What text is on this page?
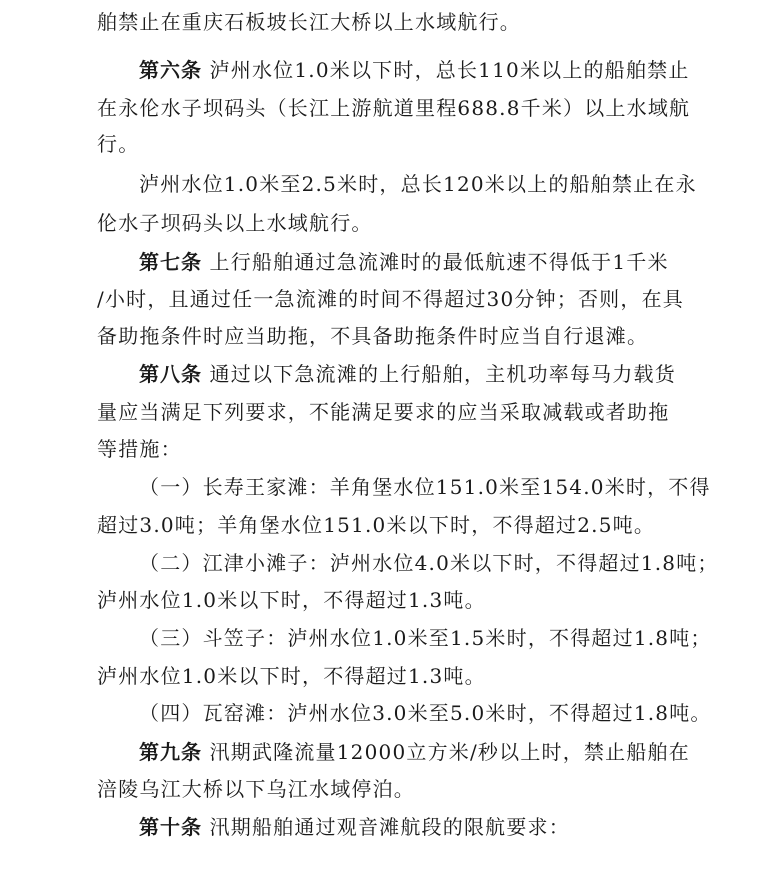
舶禁止在重庆石板坡长江大桥以上水域航行。
第六条 泸州水位1.0米以下时，总长110米以上的船舶禁止
在永伦水子坝码头（长江上游航道里程688.8千米）以上水域航
行。
泸州水位1.0米至2.5米时，总长120米以上的船舶禁止在永
伦水子坝码头以上水域航行。
第七条 上行船舶通过急流滩时的最低航速不得低于1千米
/小时，且通过任一急流滩的时间不得超过30分钟；否则，在具
备助拖条件时应当助拖，不具备助拖条件时应当自行退滩。
第八条 通过以下急流滩的上行船舶，主机功率每马力载货
量应当满足下列要求，不能满足要求的应当采取减载或者助拖
等措施：
（一）长寿王家滩：羊角堡水位151.0米至154.0米时，不得
超过3.0吨；羊角堡水位151.0米以下时，不得超过2.5吨。
（二）江津小滩子：泸州水位4.0米以下时，不得超过1.8吨；
泸州水位1.0米以下时，不得超过1.3吨。
（三）斗笠子：泸州水位1.0米至1.5米时，不得超过1.8吨；
泸州水位1.0米以下时，不得超过1.3吨。
（四）瓦窑滩：泸州水位3.0米至5.0米时，不得超过1.8吨。
第九条 汛期武隆流量12000立方米/秒以上时，禁止船舶在
涪陵乌江大桥以下乌江水域停泊。
第十条 汛期船舶通过观音滩航段的限航要求：
